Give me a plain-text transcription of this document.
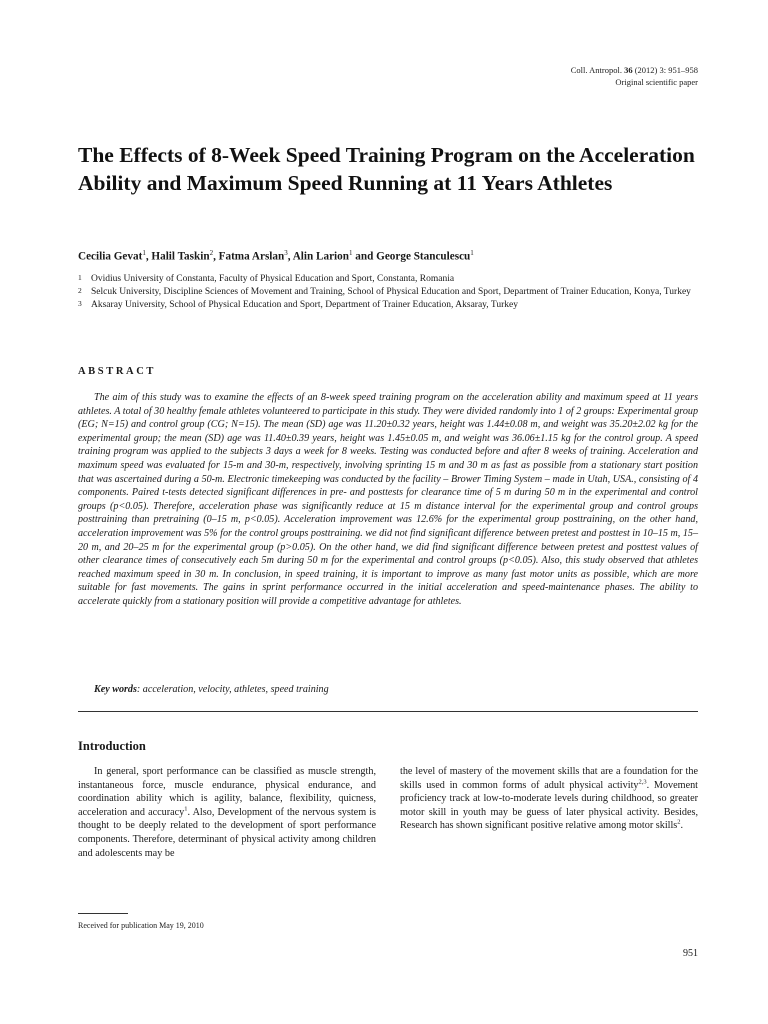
Coll. Antropol. 36 (2012) 3: 951–958
Original scientific paper
The Effects of 8-Week Speed Training Program on the Acceleration Ability and Maximum Speed Running at 11 Years Athletes
Cecilia Gevat$^1$, Halil Taskin$^2$, Fatma Arslan$^3$, Alin Larion$^1$ and George Stanculescu$^1$
1 Ovidius University of Constanta, Faculty of Physical Education and Sport, Constanta, Romania
2 Selcuk University, Discipline Sciences of Movement and Training, School of Physical Education and Sport, Department of Trainer Education, Konya, Turkey
3 Aksaray University, School of Physical Education and Sport, Department of Trainer Education, Aksaray, Turkey
ABSTRACT

The aim of this study was to examine the effects of an 8-week speed training program on the acceleration ability and maximum speed at 11 years athletes. A total of 30 healthy female athletes volunteered to participate in this study. They were divided randomly into 1 of 2 groups: Experimental group (EG; N=15) and control group (CG; N=15). The mean (SD) age was 11.20±0.32 years, height was 1.44±0.08 m, and weight was 35.20±2.02 kg for the experimental group; the mean (SD) age was 11.40±0.39 years, height was 1.45±0.05 m, and weight was 36.06±1.15 kg for the control group. A speed training program was applied to the subjects 3 days a week for 8 weeks. Testing was conducted before and after 8 weeks of training. Acceleration and maximum speed was evaluated for 15-m and 30-m, respectively, involving sprinting 15 m and 30 m as fast as possible from a stationary start position that was ascertained during a 50-m. Electronic timekeeping was conducted by the facility – Brower Timing System – made in Utah, USA., consisting of 4 components. Paired t-tests detected significant differences in pre- and posttests for clearance time of 5 m during 50 m in the experimental and control groups (p<0.05). Therefore, acceleration phase was significantly reduce at 15 m distance interval for the experimental group and control groups posttraining than pretraining (0–15 m, p<0.05). Acceleration improvement was 12.6% for the experimental group posttraining, on the other hand, acceleration improvement was 5% for the control groups posttraining. we did not find significant difference between pretest and posttest in 10–15 m, 15–20 m, and 20–25 m for the experimental group (p>0.05). On the other hand, we did find significant difference between pretest and posttest values of other clearance times of consecutively each 5m during 50 m for the experimental and control groups (p<0.05). Also, this study observed that athletes reached maximum speed in 30 m. In conclusion, in speed training, it is important to improve as many fast motor units as possible, which are more suitable for fast movements. The gains in sprint performance occurred in the initial acceleration and speed-maintenance phases. The ability to accelerate quickly from a stationary position will provide a competitive advantage for athletes.

Key words: acceleration, velocity, athletes, speed training
Introduction

In general, sport performance can be classified as muscle strength, instantaneous force, muscle endurance, physical endurance, and coordination ability which is agility, balance, flexibility, quicness, acceleration and accuracy$^1$. Also, Development of the nervous system is thought to be deeply related to the development of sport performance components. Therefore, determinant of physical activity among children and adolescents may be

the level of mastery of the movement skills that are a foundation for the skills used in common forms of adult physical activity$^{2,3}$. Movement proficiency track at low-to-moderate levels during childhood, so greater motor skill in youth may be guess of later physical activity. Besides, Research has shown significant positive relative among motor skills$^2$.

Received for publication May 19, 2010
951
